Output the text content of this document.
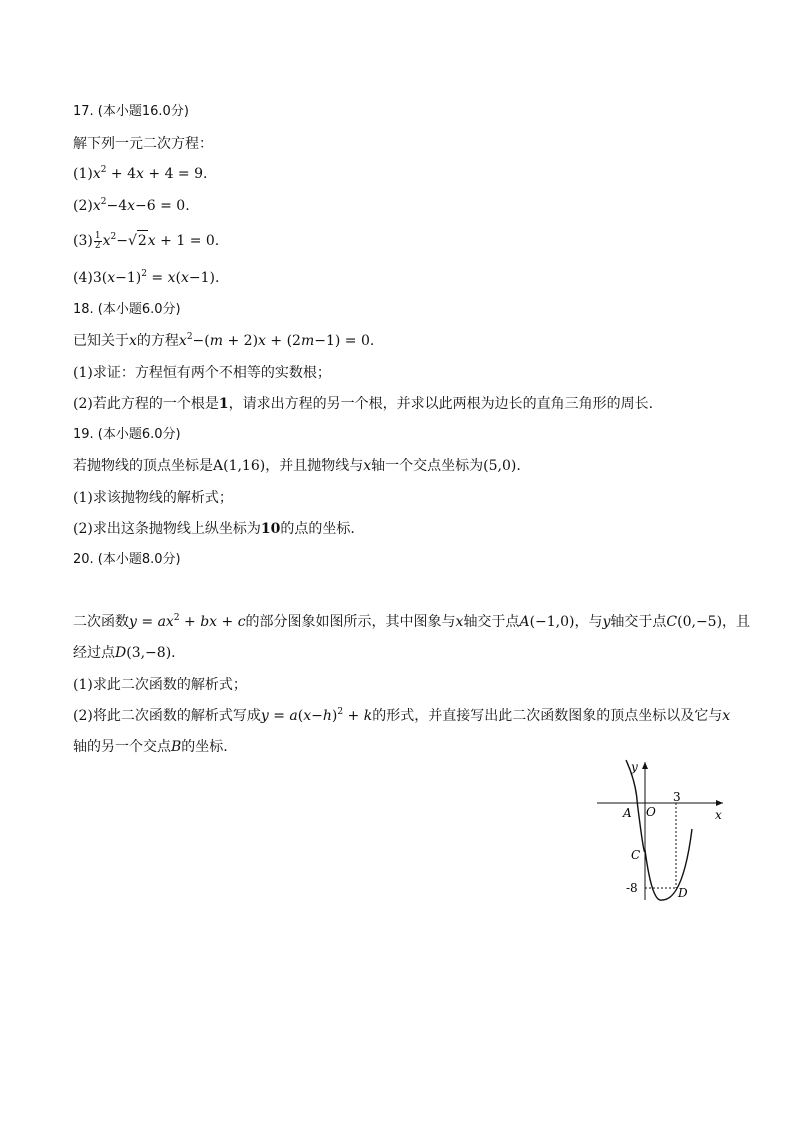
17. (本小题16.0分)
解下列一元二次方程：
$(1)x^2 + 4x + 4 = 9$.
$(2)x^2-4x-6 = 0$.
$(3) \frac{1}{2} x^2-√2x + 1 = 0$.
$(4)3(x-1)^2 = x(x-1)$.
18. (本小题6.0分)
已知关于x的方程$x^2-(m + 2)x + (2m-1) = 0$.
(1)求证：方程恒有两个不相等的实数根；
(2)若此方程的一个根是1，请求出方程的另一个根，并求以此两根为边长的直角三角形的周长.
19. (本小题6.0分)
若抛物线的顶点坐标是A(1,16)，并且抛物线与x轴一个交点坐标为(5,0).
(1)求该抛物线的解析式；
(2)求出这条抛物线上纵坐标为10的点的坐标.
20. (本小题8.0分)
二次函数$y = ax^2$ + bx + c的部分图象如图所示，其中图象与x轴交于点A(−1,0)，与y轴交于点C(0,−5)，且
经过点D(3,−8).
(1)求此二次函数的解析式；
(2)将此二次函数的解析式写成$y = a(x-h)^2 + k$的形式，并直接写出此二次函数图象的顶点坐标以及它与x
轴的另一个交点B的坐标.
y
x
O
A
C
D
3
-8
